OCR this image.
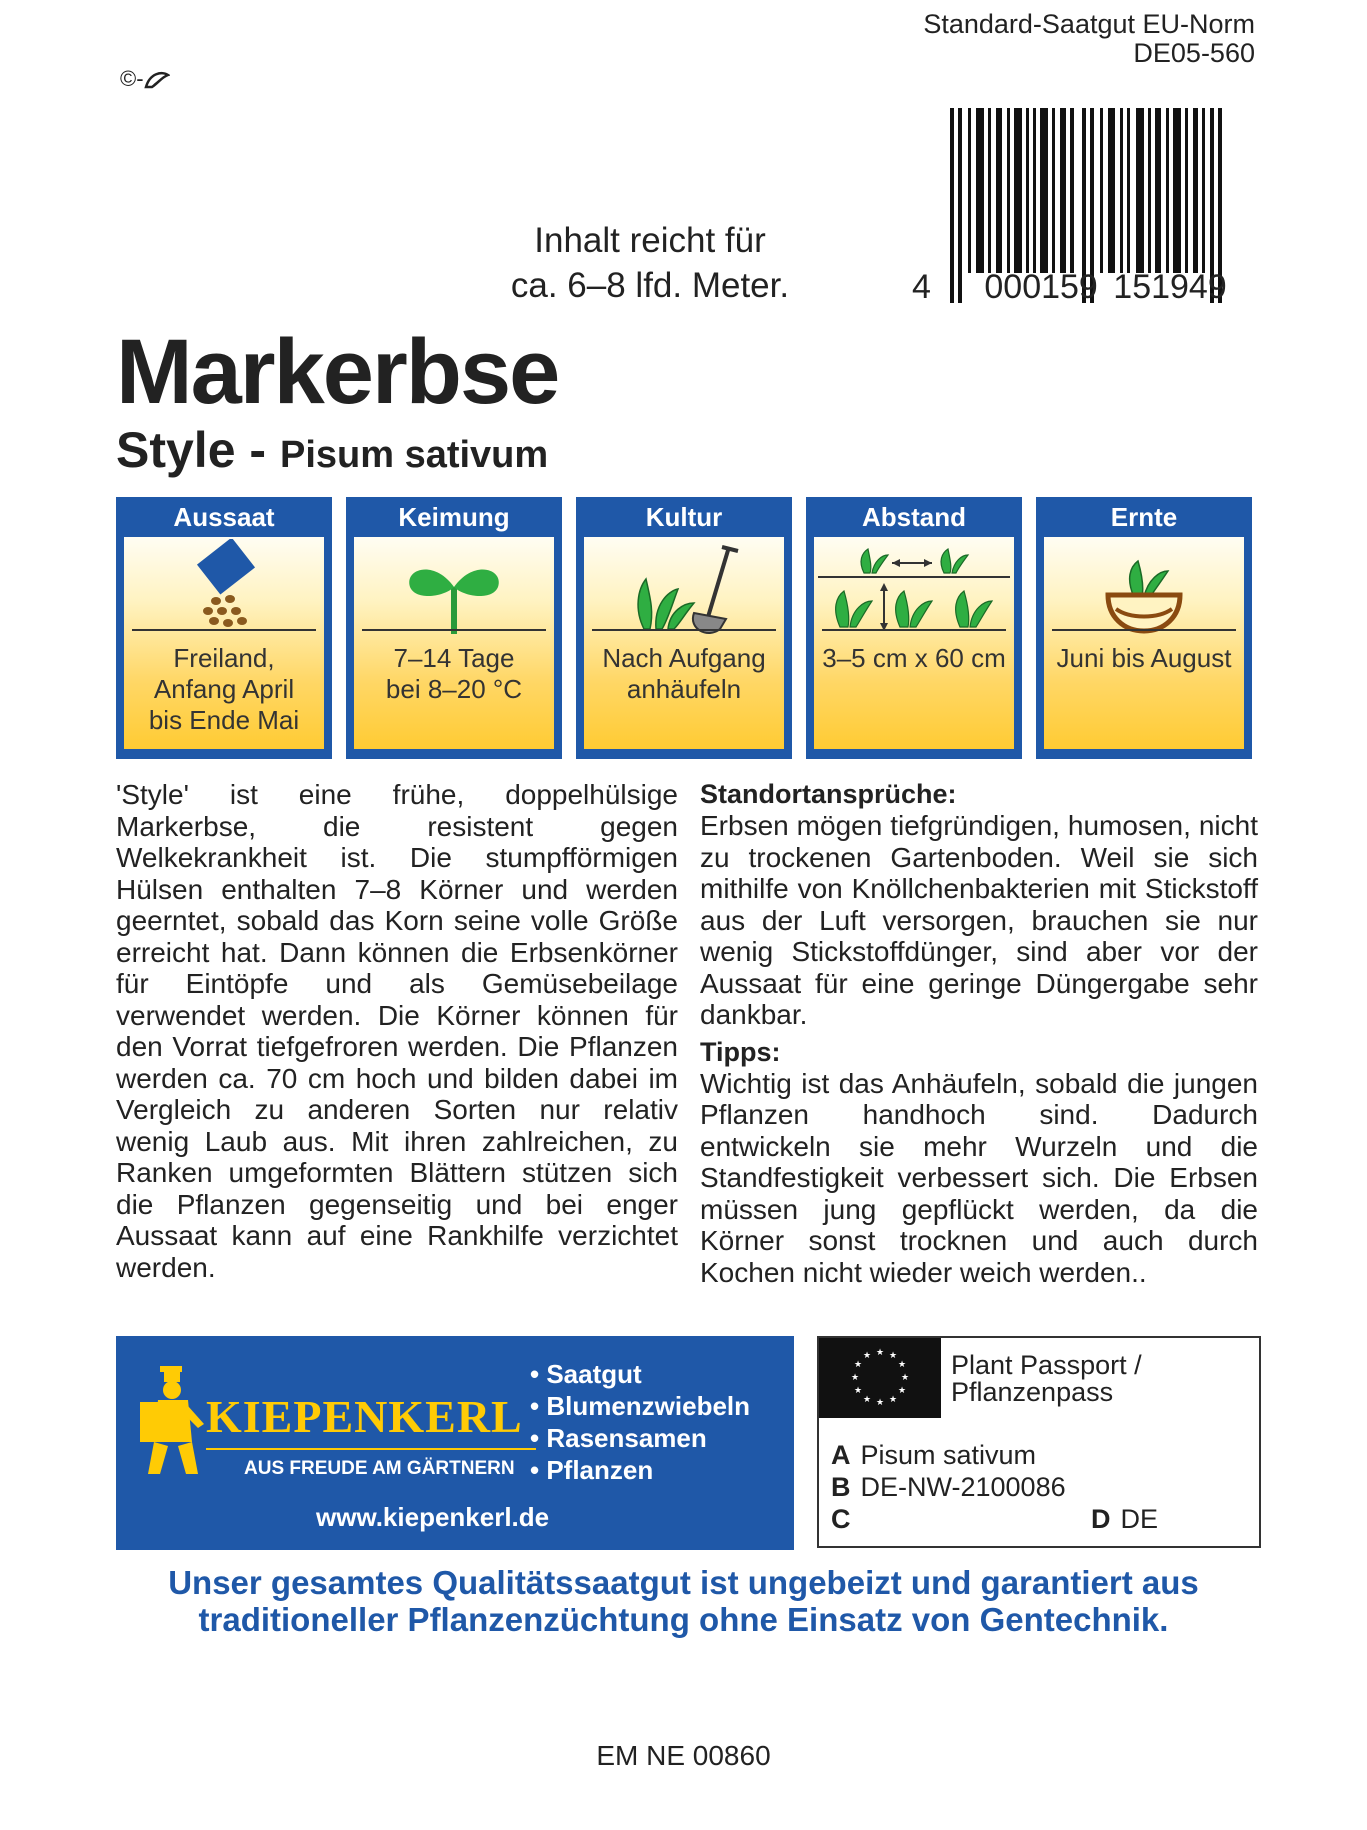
©-
Standard-Saatgut EU-Norm
DE05-560
4 000159 151949
Inhalt reicht für
ca. 6–8 lfd. Meter.
Markerbse
Style - Pisum sativum
Aussaat
Freiland,
Anfang April
bis Ende Mai
Keimung
7–14 Tage
bei 8–20 °C
Kultur
Nach Aufgang
anhäufeln
Abstand
3–5 cm x 60 cm
Ernte
Juni bis August

'Style' ist eine frühe, doppelhülsige Markerbse, die resistent gegen Welkekrankheit ist. Die stumpfförmigen Hülsen enthalten 7–8 Körner und werden geerntet, sobald das Korn seine volle Größe erreicht hat. Dann können die Erbsenkörner für Eintöpfe und als Gemüsebeilage verwendet werden. Die Körner können für den Vorrat tiefgefroren werden. Die Pflanzen werden ca. 70 cm hoch und bilden dabei im Vergleich zu anderen Sorten nur relativ wenig Laub aus. Mit ihren zahlreichen, zu Ranken umgeformten Blättern stützen sich die Pflanzen gegenseitig und bei enger Aussaat kann auf eine Rankhilfe verzichtet werden.

Standortansprüche:

Erbsen mögen tiefgründigen, humosen, nicht zu trockenen Gartenboden. Weil sie sich mithilfe von Knöllchenbakterien mit Stickstoff aus der Luft versorgen, brauchen sie nur wenig Stickstoffdünger, sind aber vor der Aussaat für eine geringe Düngergabe sehr dankbar.

Tipps:

Wichtig ist das Anhäufeln, sobald die jungen Pflanzen handhoch sind. Dadurch entwickeln sie mehr Wurzeln und die Standfestigkeit verbessert sich. Die Erbsen müssen jung gepflückt werden, da die Körner sonst trocknen und auch durch Kochen nicht wieder weich werden..

KIEPENKERL
AUS FREUDE AM GÄRTNERN
• Saatgut
• Blumenzwiebeln
• Rasensamen
• Pflanzen
www.kiepenkerl.de
★ ★
★
★
★
★
★
★
★
★
★
★	Plant Passport /
Pflanzenpass
A Pisum sativum
B DE-NW-2100086
C	D DE
Unser gesamtes Qualitätssaatgut ist ungebeizt und garantiert aus
traditioneller Pflanzenzüchtung ohne Einsatz von Gentechnik.
EM NE 00860
